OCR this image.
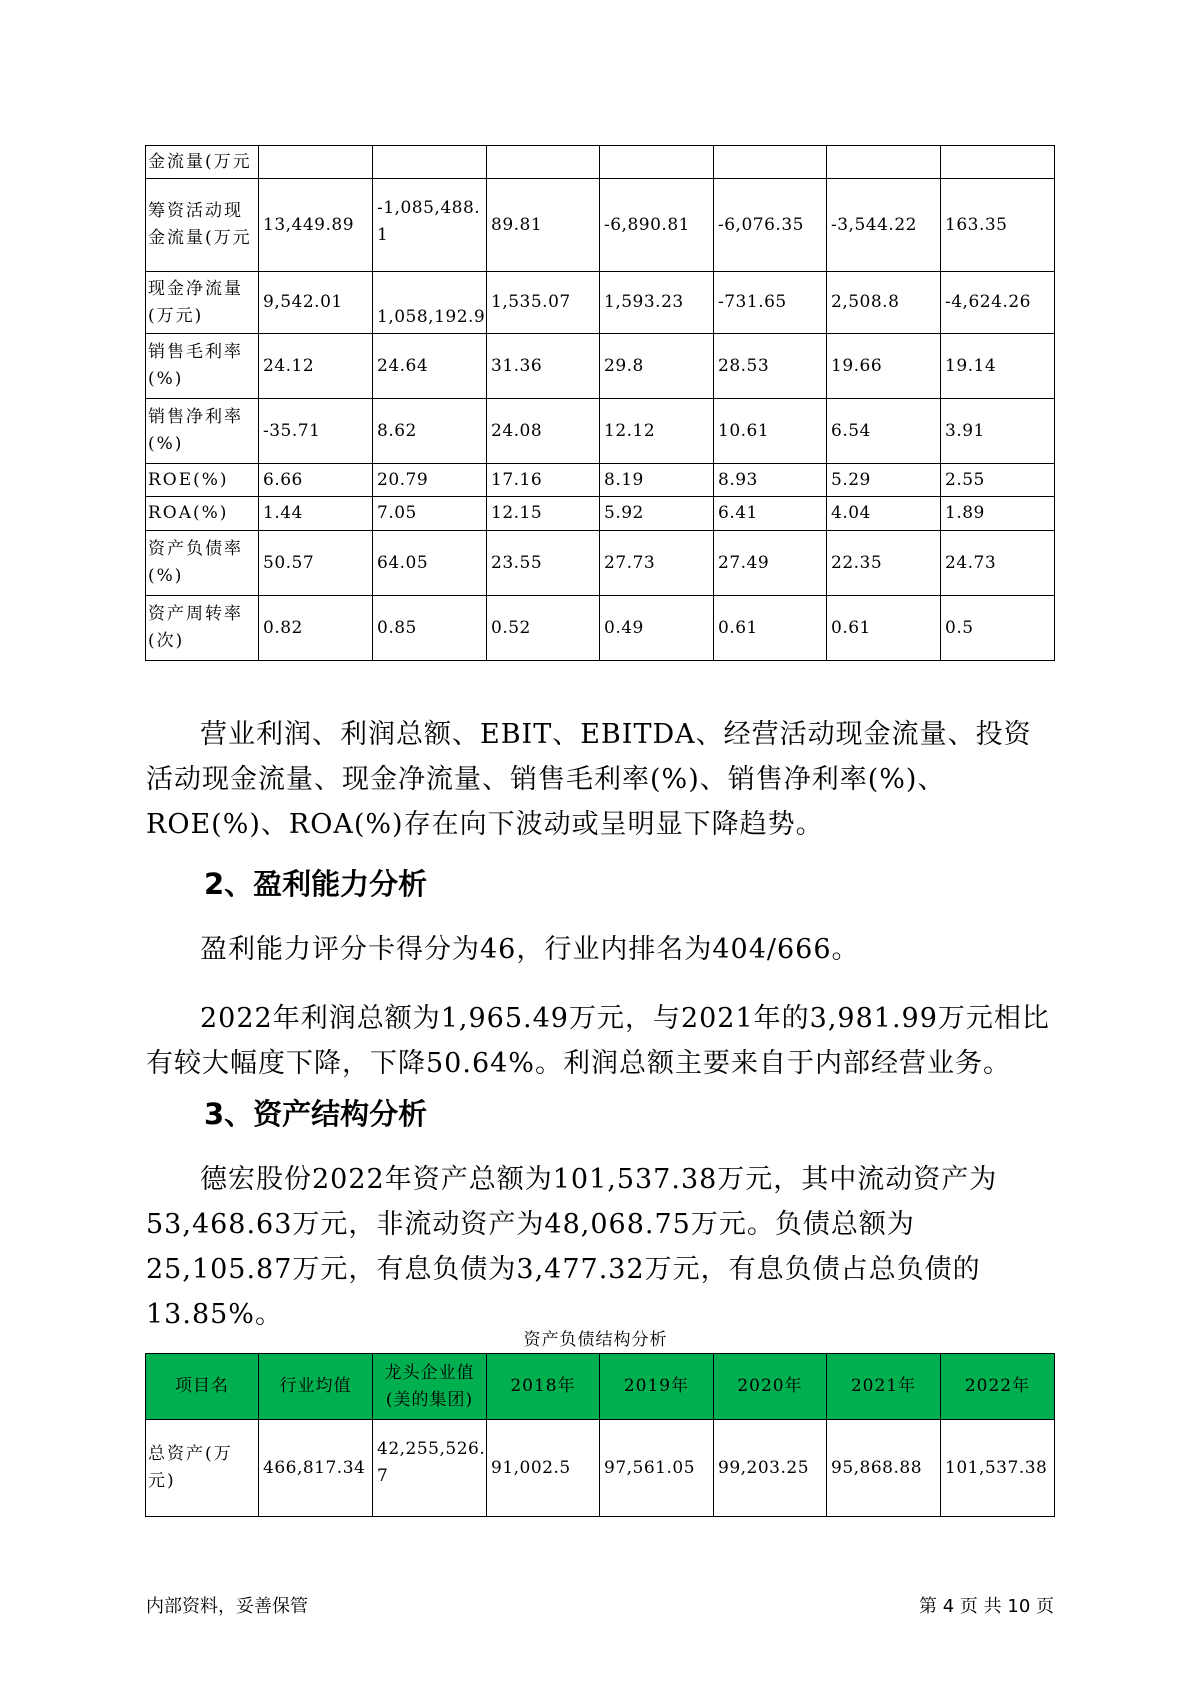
金流量(万元							
筹资活动现金流量(万元	13,449.89	-1,085,488.1	89.81	-6,890.81	-6,076.35	-3,544.22	163.35
现金净流量(万元)	9,542.01	1,058,192.9	1,535.07	1,593.23	-731.65	2,508.8	-4,624.26
销售毛利率(%)	24.12	24.64	31.36	29.8	28.53	19.66	19.14
销售净利率(%)	-35.71	8.62	24.08	12.12	10.61	6.54	3.91
ROE(%)	6.66	20.79	17.16	8.19	8.93	5.29	2.55
ROA(%)	1.44	7.05	12.15	5.92	6.41	4.04	1.89
资产负债率(%)	50.57	64.05	23.55	27.73	27.49	22.35	24.73
资产周转率(次)	0.82	0.85	0.52	0.49	0.61	0.61	0.5

营业利润、利润总额、EBIT、EBITDA、经营活动现金流量、投资活动现金流量、现金净流量、销售毛利率(%)、销售净利率(%)、ROE(%)、ROA(%)存在向下波动或呈明显下降趋势。

2、盈利能力分析

盈利能力评分卡得分为46，行业内排名为404/666。

2022年利润总额为1,965.49万元，与2021年的3,981.99万元相比有较大幅度下降，下降50.64%。利润总额主要来自于内部经营业务。

3、资产结构分析

德宏股份2022年资产总额为101,537.38万元，其中流动资产为53,468.63万元，非流动资产为48,068.75万元。负债总额为25,105.87万元，有息负债为3,477.32万元，有息负债占总负债的13.85%。

资产负债结构分析
项目名	行业均值	龙头企业值(美的集团)	2018年	2019年	2020年	2021年	2022年
总资产(万元)	466,817.34	42,255,526.7	91,002.5	97,561.05	99,203.25	95,868.88	101,537.38
内部资料，妥善保管	第 4 页 共 10 页
